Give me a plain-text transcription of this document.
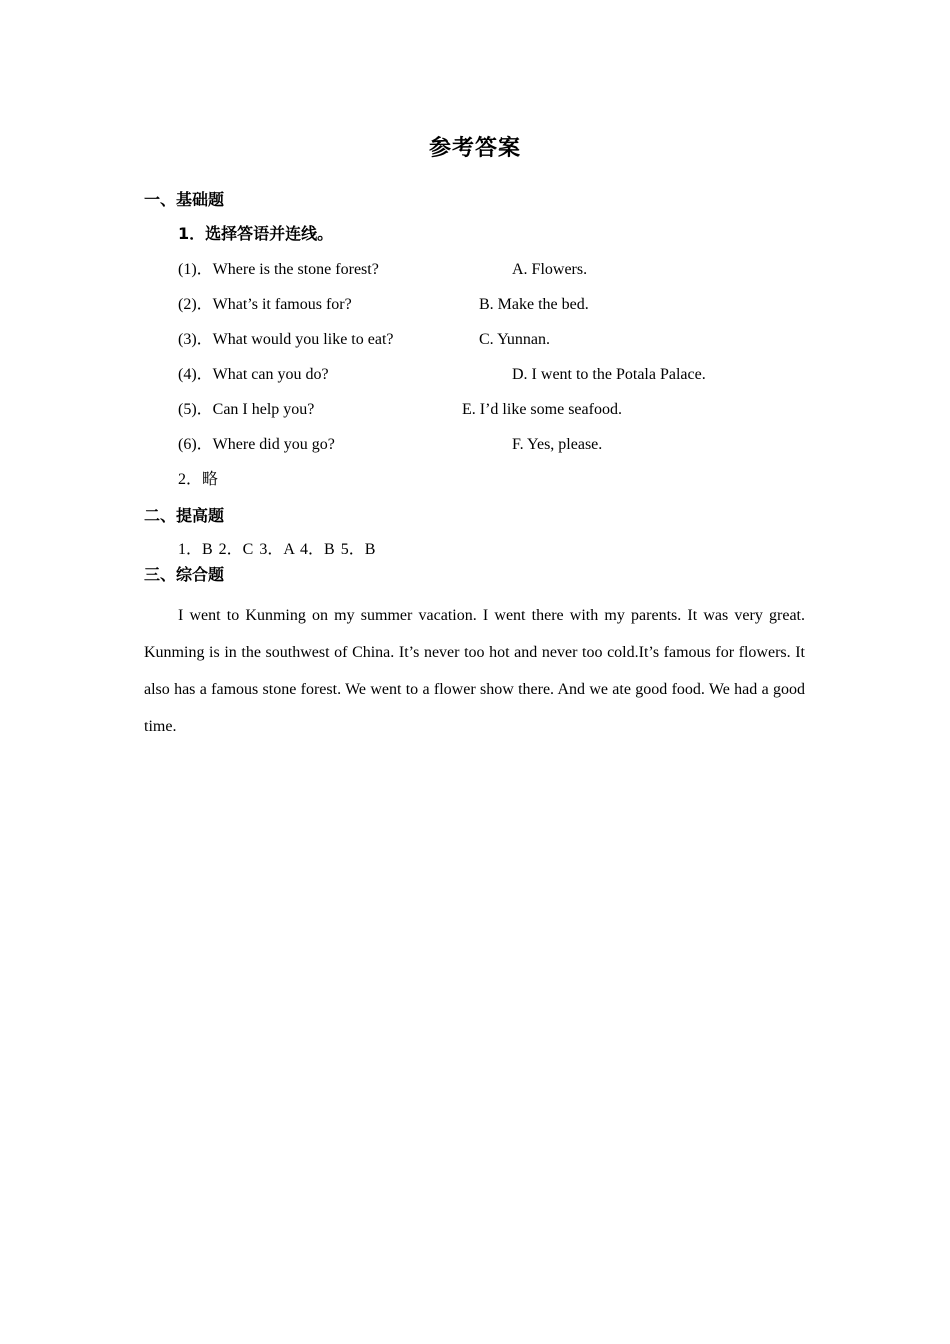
参考答案
一、基础题
1．选择答语并连线。
(1)．Where is the stone forest?	A. Flowers.
(2)．What’s it famous for?	B. Make the bed.
(3)．What would you like to eat?	C. Yunnan.
(4)．What can you do?	D. I went to the Potala Palace.
(5)．Can I help you?	E. I’d like some seafood.
(6)．Where did you go?	F. Yes, please.
2．略
二、提高题
1．B 2．C 3．A 4．B 5．B
三、综合题
I went to Kunming on my summer vacation. I went there with my parents. It was very great. Kunming is in the southwest of China. It’s never too hot and never too cold.It’s famous for flowers. It also has a famous stone forest. We went to a flower show there. And we ate good food. We had a good time.
